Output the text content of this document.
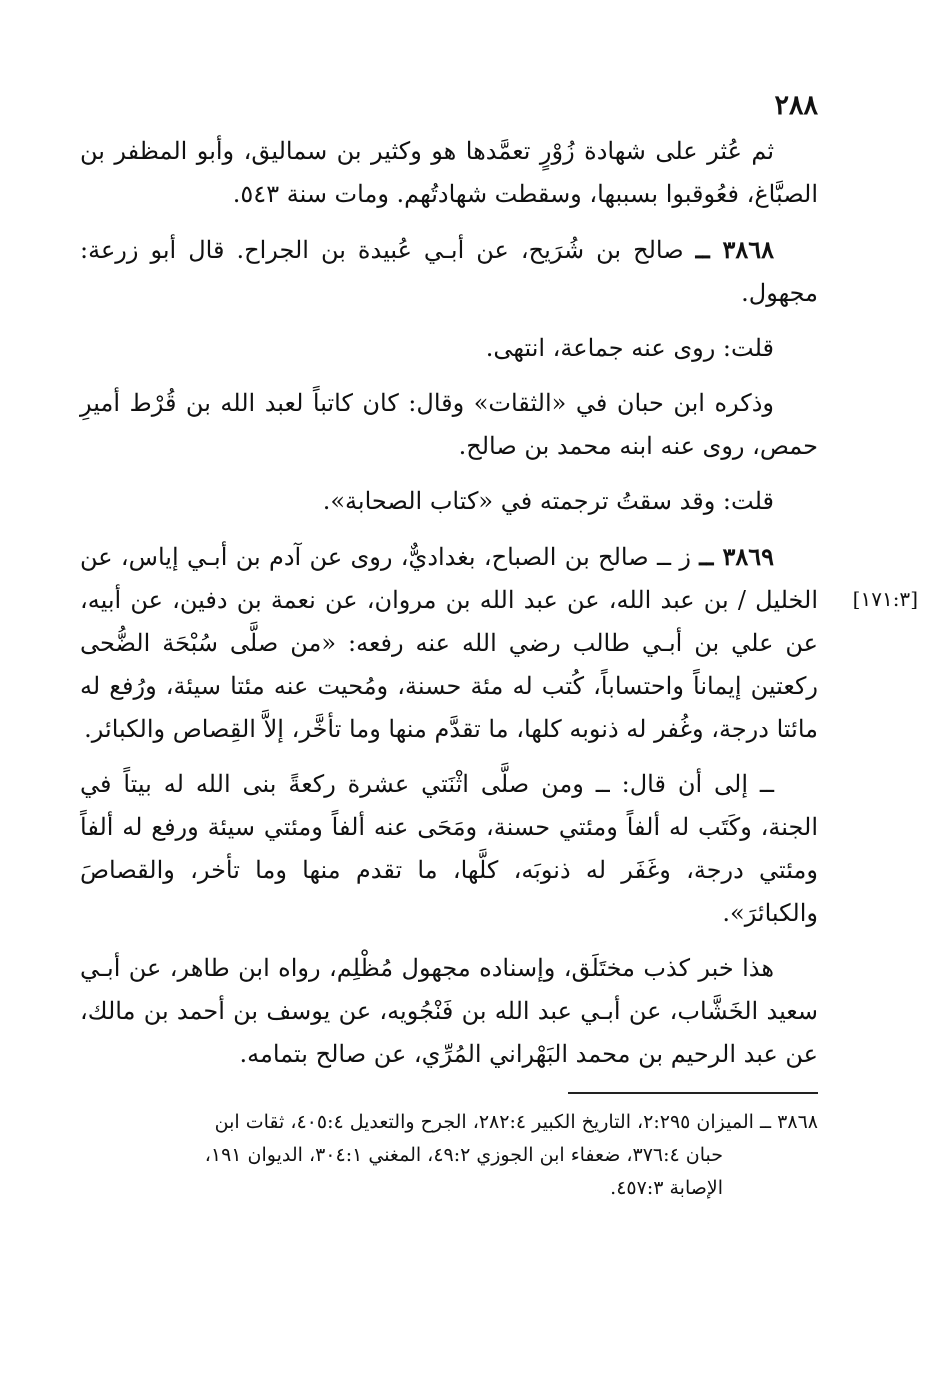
٢٨٨

ثم عُثر على شهادة زُوْرٍ تعمَّدها هو وكثير بن سماليق، وأبو المظفر بن الصبَّاغ، فعُوقبوا بسببها، وسقطت شهادتُهم. ومات سنة ٥٤٣.

٣٨٦٨ ــ صالح بن شُرَيح، عن أبـي عُبيدة بن الجراح. قال أبو زرعة: مجهول.

قلت: روى عنه جماعة، انتهى.

وذكره ابن حبان في «الثقات» وقال: كان كاتباً لعبد الله بن قُرْط أميرِ حمص، روى عنه ابنه محمد بن صالح.

قلت: وقد سقتُ ترجمته في «كتاب الصحابة».

[١٧١:٣]

٣٨٦٩ ــ ز ــ صالح بن الصباح، بغداديٌّ، روى عن آدم بن أبـي إياس، عن الخليل / بن عبد الله، عن عبد الله بن مروان، عن نعمة بن دفين، عن أبيه، عن علي بن أبـي طالب رضي الله عنه رفعه: «من صلَّى سُبْحَة الضُّحى ركعتين إيماناً واحتساباً، كُتب له مئة حسنة، ومُحيت عنه مئتا سيئة، ورُفع له مائتا درجة، وغُفر له ذنوبه كلها، ما تقدَّم منها وما تأخَّر، إلاَّ القِصاص والكبائر.

ــ إلى أن قال: ــ ومن صلَّى اثْنَتي عشرة ركعةً بنى الله له بيتاً في الجنة، وكَتَب له ألفاً ومئتي حسنة، ومَحَى عنه ألفاً ومئتي سيئة ورفع له ألفاً ومئتي درجة، وغَفَر له ذنوبَه، كلَّها، ما تقدم منها وما تأخر، والقصاصَ والكبائرَ».

هذا خبر كذب مختَلَق، وإسناده مجهول مُظْلِم، رواه ابن طاهر، عن أبـي سعيد الخَشَّاب، عن أبـي عبد الله بن فَنْجُويه، عن يوسف بن أحمد بن مالك، عن عبد الرحيم بن محمد البَهْراني المُرِّي، عن صالح بتمامه.

٣٨٦٨ ــ الميزان ٢:٢٩٥، التاريخ الكبير ٢٨٢:٤، الجرح والتعديل ٤٠٥:٤، ثقات ابن
حبان ٣٧٦:٤، ضعفاء ابن الجوزي ٤٩:٢، المغني ٣٠٤:١، الديوان ١٩١،
الإصابة ٤٥٧:٣.
